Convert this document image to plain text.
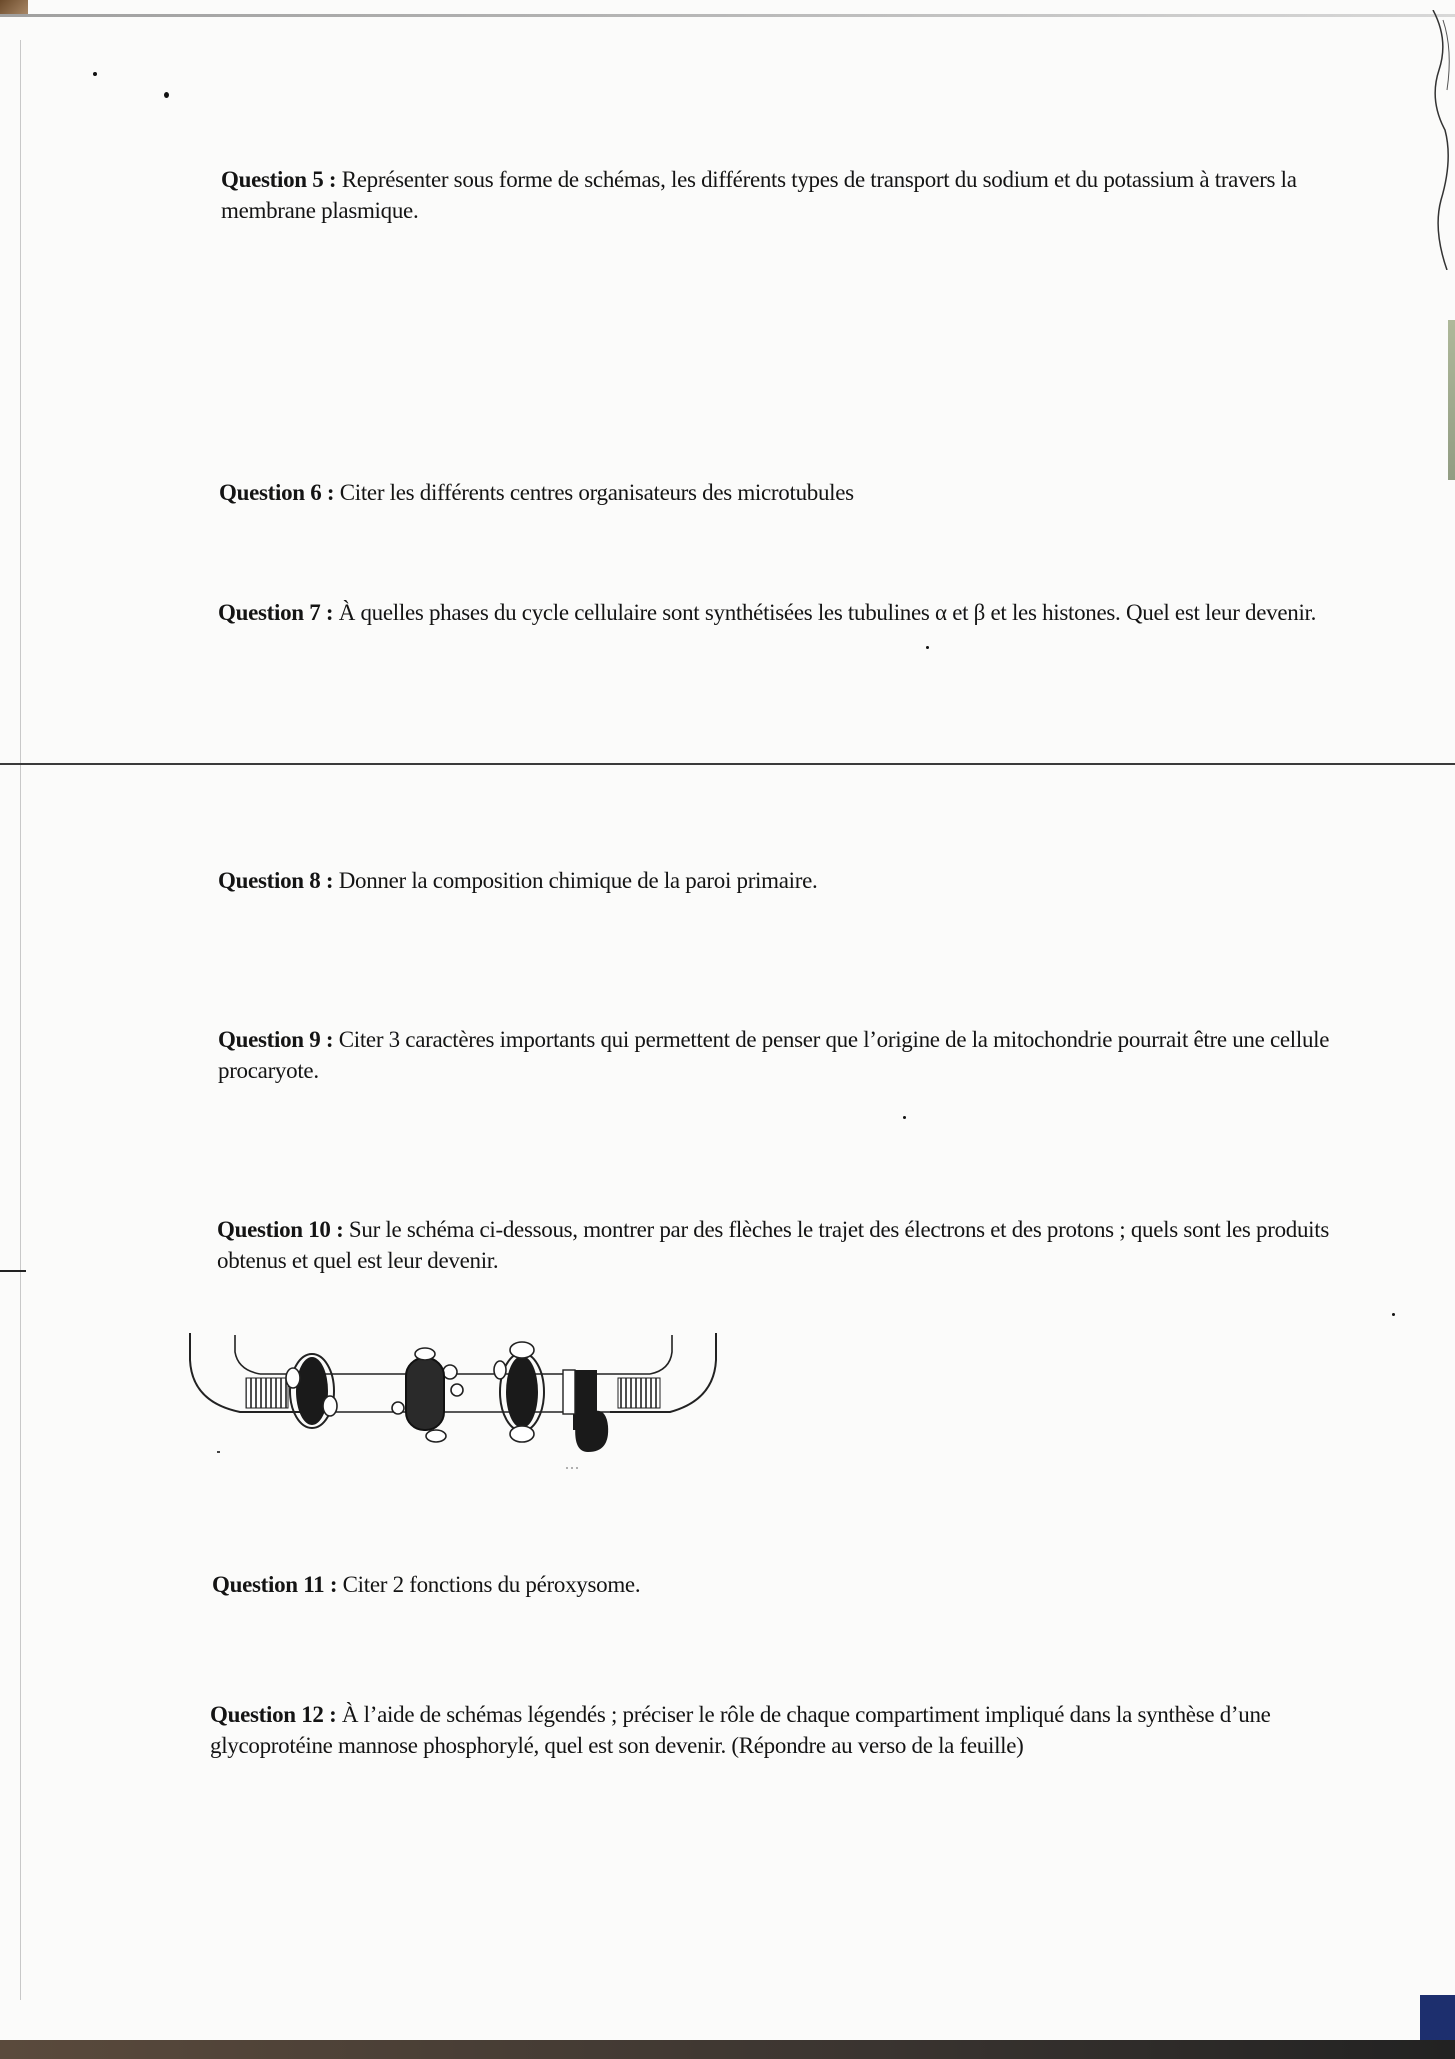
Question 5 : Représenter sous forme de schémas, les différents types de transport du sodium et du potassium à travers la membrane plasmique.
Question 6 : Citer les différents centres organisateurs des microtubules
Question 7 : À quelles phases du cycle cellulaire sont synthétisées les tubulines α et β et les histones. Quel est leur devenir.
Question 8 : Donner la composition chimique de la paroi primaire.
Question 9 : Citer 3 caractères importants qui permettent de penser que l’origine de la mitochondrie pourrait être une cellule procaryote.
Question 10 : Sur le schéma ci-dessous, montrer par des flèches le trajet des électrons et des protons ; quels sont les produits obtenus et quel est leur devenir.
Question 11 : Citer 2 fonctions du péroxysome.
Question 12 : À l’aide de schémas légendés ; préciser le rôle de chaque compartiment impliqué dans la synthèse d’une glycoprotéine mannose phosphorylé, quel est son devenir. (Répondre au verso de la feuille)
